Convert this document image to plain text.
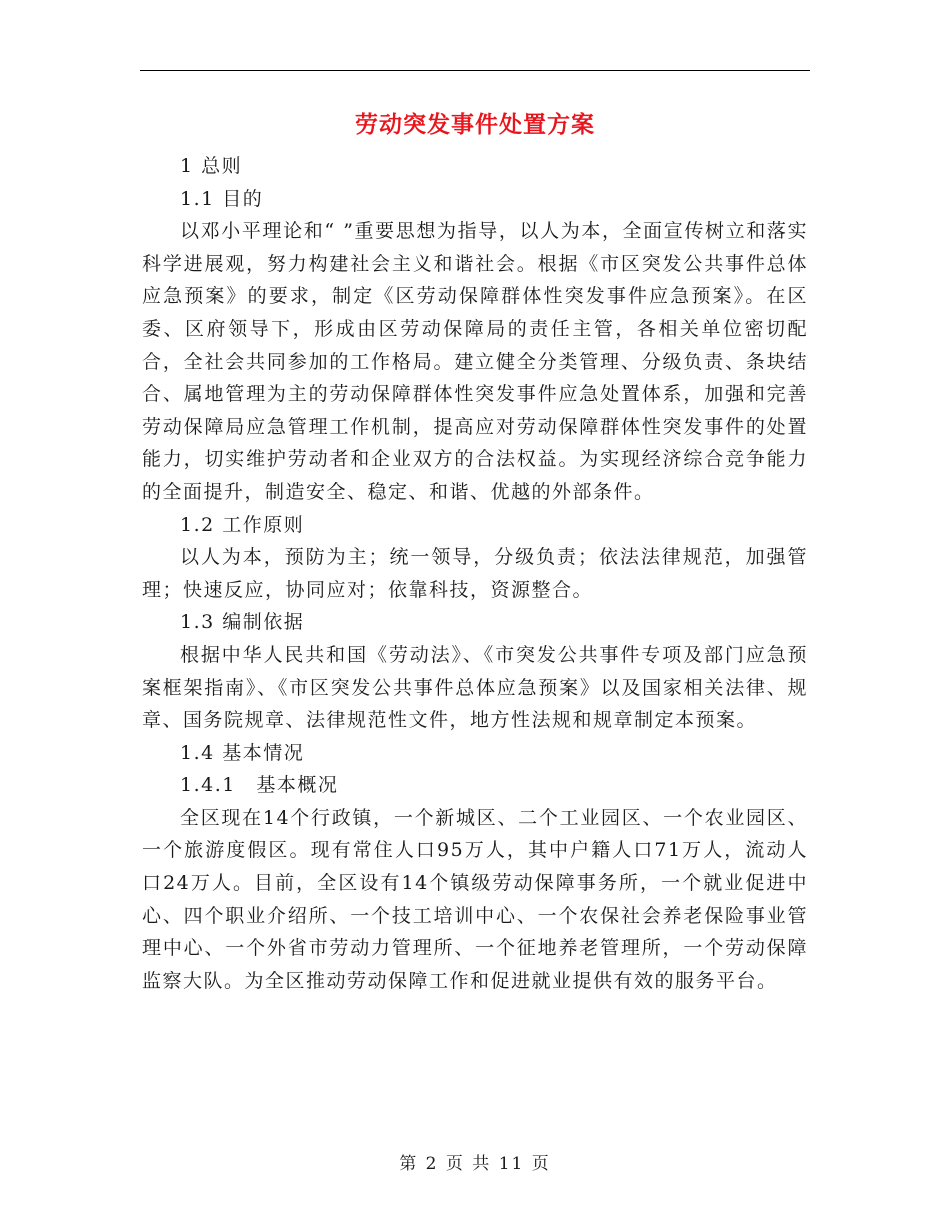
劳动突发事件处置方案

1 总则

1.1 目的

以邓小平理论和“ ”重要思想为指导，以人为本，全面宣传树立和落实科学进展观，努力构建社会主义和谐社会。根据《市区突发公共事件总体应急预案》的要求，制定《区劳动保障群体性突发事件应急预案》。在区委、区府领导下，形成由区劳动保障局的责任主管，各相关单位密切配合，全社会共同参加的工作格局。建立健全分类管理、分级负责、条块结合、属地管理为主的劳动保障群体性突发事件应急处置体系，加强和完善劳动保障局应急管理工作机制，提高应对劳动保障群体性突发事件的处置能力，切实维护劳动者和企业双方的合法权益。为实现经济综合竞争能力的全面提升，制造安全、稳定、和谐、优越的外部条件。

1.2 工作原则

以人为本，预防为主；统一领导，分级负责；依法法律规范，加强管理；快速反应，协同应对；依靠科技，资源整合。

1.3 编制依据

根据中华人民共和国《劳动法》、《市突发公共事件专项及部门应急预案框架指南》、《市区突发公共事件总体应急预案》以及国家相关法律、规章、国务院规章、法律规范性文件，地方性法规和规章制定本预案。

1.4 基本情况

1.4.1　基本概况

全区现在14个行政镇，一个新城区、二个工业园区、一个农业园区、一个旅游度假区。现有常住人口95万人，其中户籍人口71万人，流动人口24万人。目前，全区设有14个镇级劳动保障事务所，一个就业促进中心、四个职业介绍所、一个技工培训中心、一个农保社会养老保险事业管理中心、一个外省市劳动力管理所、一个征地养老管理所，一个劳动保障监察大队。为全区推动劳动保障工作和促进就业提供有效的服务平台。

第 2 页 共 11 页
